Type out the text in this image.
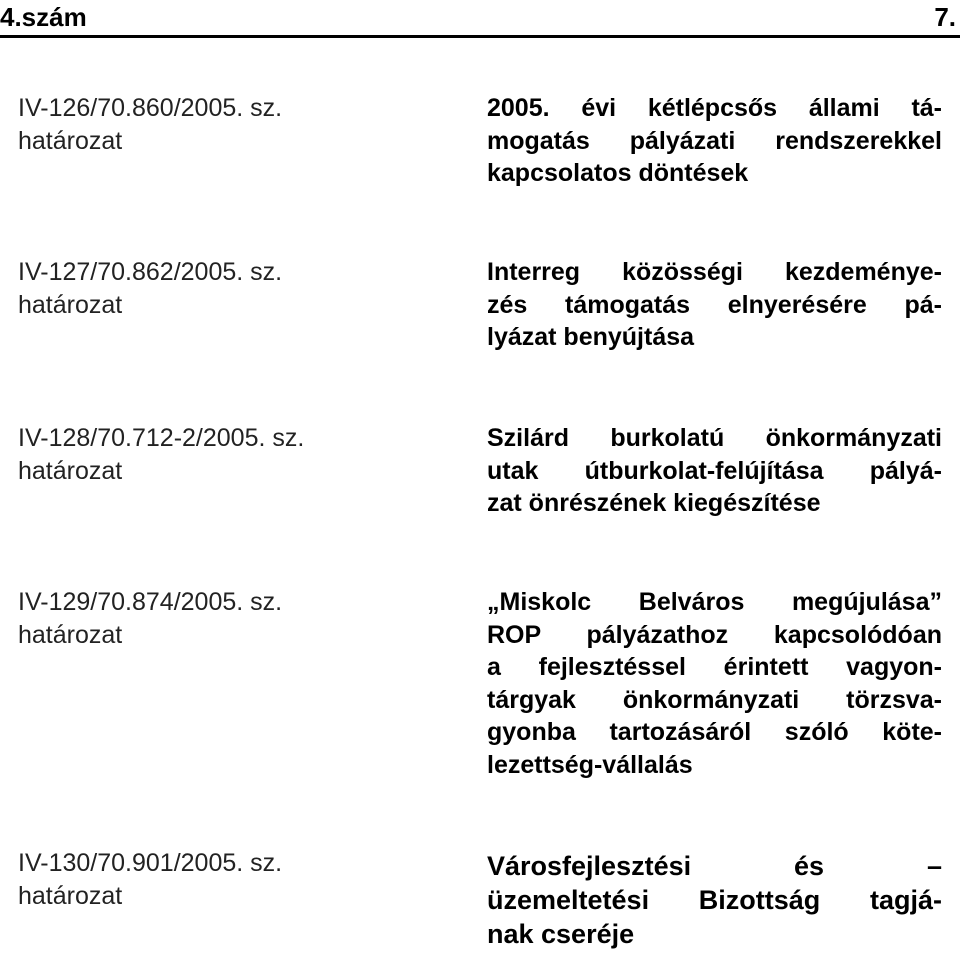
4.szám	7.
IV-126/70.860/2005. sz.
határozat
2005. évi kétlépcsős állami tá-
mogatás pályázati rendszerekkel
kapcsolatos döntések
IV-127/70.862/2005. sz.
határozat
Interreg közösségi kezdeménye-
zés támogatás elnyerésére pá-
lyázat benyújtása
IV-128/70.712-2/2005. sz.
határozat
Szilárd burkolatú önkormányzati
utak útburkolat-felújítása pályá-
zat önrészének kiegészítése
IV-129/70.874/2005. sz.
határozat
„Miskolc Belváros megújulása”
ROP pályázathoz kapcsolódóan
a fejlesztéssel érintett vagyon-
tárgyak önkormányzati törzsva-
gyonba tartozásáról szóló köte-
lezettség-vállalás
IV-130/70.901/2005. sz.
határozat
Városfejlesztési és –
üzemeltetési Bizottság tagjá-
nak cseréje
